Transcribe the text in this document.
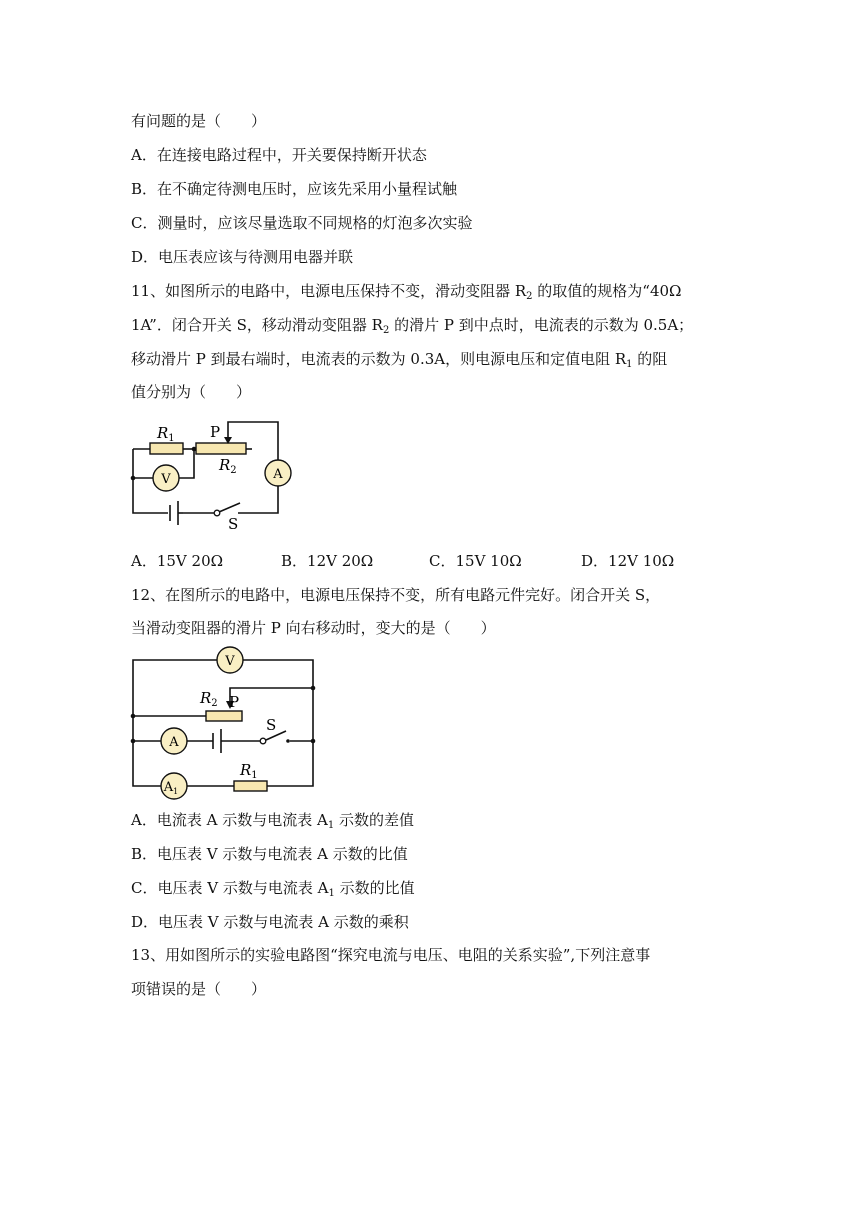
有问题的是（　　）
A．在连接电路过程中，开关要保持断开状态
B．在不确定待测电压时，应该先采用小量程试触
C．测量时，应该尽量选取不同规格的灯泡多次实验
D．电压表应该与待测用电器并联
11、如图所示的电路中，电源电压保持不变，滑动变阻器 $R_2$ 的取值的规格为“40Ω
1A”．闭合开关 S，移动滑动变阻器 $R_2$ 的滑片 P 到中点时，电流表的示数为 0.5A；
移动滑片 P 到最右端时，电流表的示数为 0.3A，则电源电压和定值电阻 $R_1$ 的阻
值分别为（　　）
$R_1$ P
$R_2$
V	A
S
A．15V 20Ω	B．12V 20Ω	C．15V 10Ω	D．12V 10Ω
12、在图所示的电路中，电源电压保持不变，所有电路元件完好。闭合开关 S，
当滑动变阻器的滑片 P 向右移动时，变大的是（　　）
V
$R_2$ P
A
S
$A_1$
$R_1$
A．电流表 A 示数与电流表 $A_1$ 示数的差值
B．电压表 V 示数与电流表 A 示数的比值
C．电压表 V 示数与电流表 $A_1$ 示数的比值
D．电压表 V 示数与电流表 A 示数的乘积
13、用如图所示的实验电路图“探究电流与电压、电阻的关系实验”,下列注意事
项错误的是（　　）
